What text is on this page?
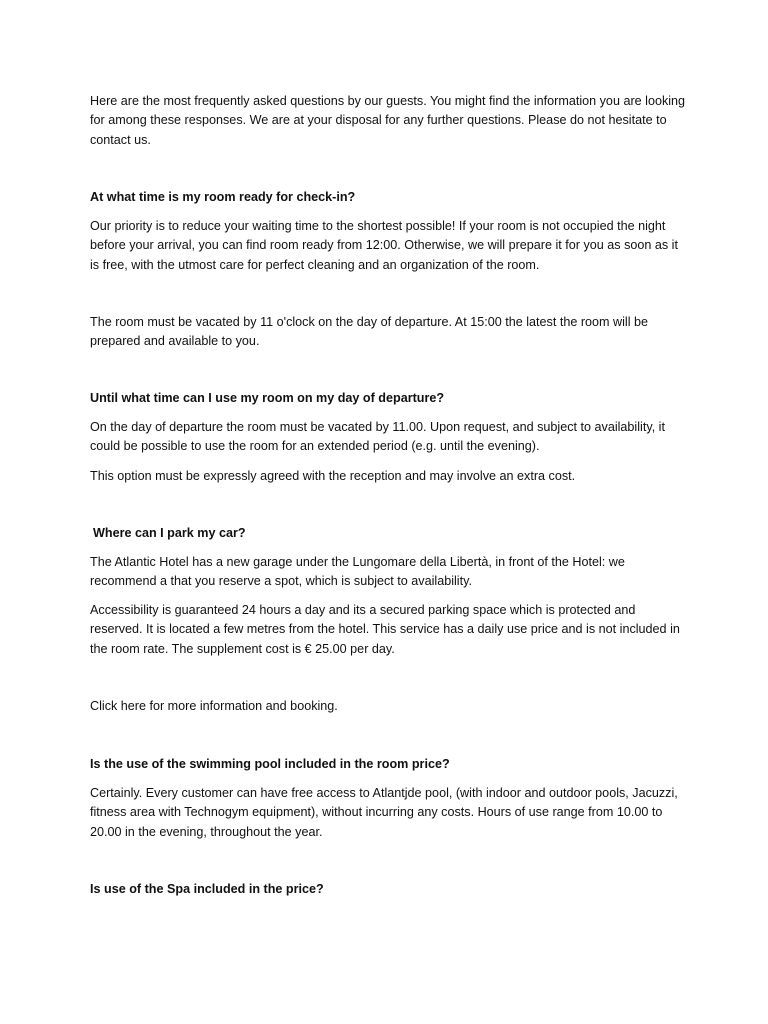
Here are the most frequently asked questions by our guests. You might find the information you are looking for among these responses. We are at your disposal for any further questions. Please do not hesitate to contact us.

At what time is my room ready for check-in?

Our priority is to reduce your waiting time to the shortest possible! If your room is not occupied the night before your arrival, you can find room ready from 12:00. Otherwise, we will prepare it for you as soon as it is free, with the utmost care for perfect cleaning and an organization of the room.

The room must be vacated by 11 o'clock on the day of departure. At 15:00 the latest the room will be prepared and available to you.

Until what time can I use my room on my day of departure?

On the day of departure the room must be vacated by 11.00. Upon request, and subject to availability, it could be possible to use the room for an extended period (e.g. until the evening).

This option must be expressly agreed with the reception and may involve an extra cost.

Where can I park my car?

The Atlantic Hotel has a new garage under the Lungomare della Libertà, in front of the Hotel: we recommend a that you reserve a spot, which is subject to availability.

Accessibility is guaranteed 24 hours a day and its a secured parking space which is protected and reserved. It is located a few metres from the hotel. This service has a daily use price and is not included in the room rate. The supplement cost is € 25.00 per day.

Click here for more information and booking.

Is the use of the swimming pool included in the room price?

Certainly. Every customer can have free access to Atlantjde pool, (with indoor and outdoor pools, Jacuzzi, fitness area with Technogym equipment), without incurring any costs. Hours of use range from 10.00 to 20.00 in the evening, throughout the year.

Is use of the Spa included in the price?
